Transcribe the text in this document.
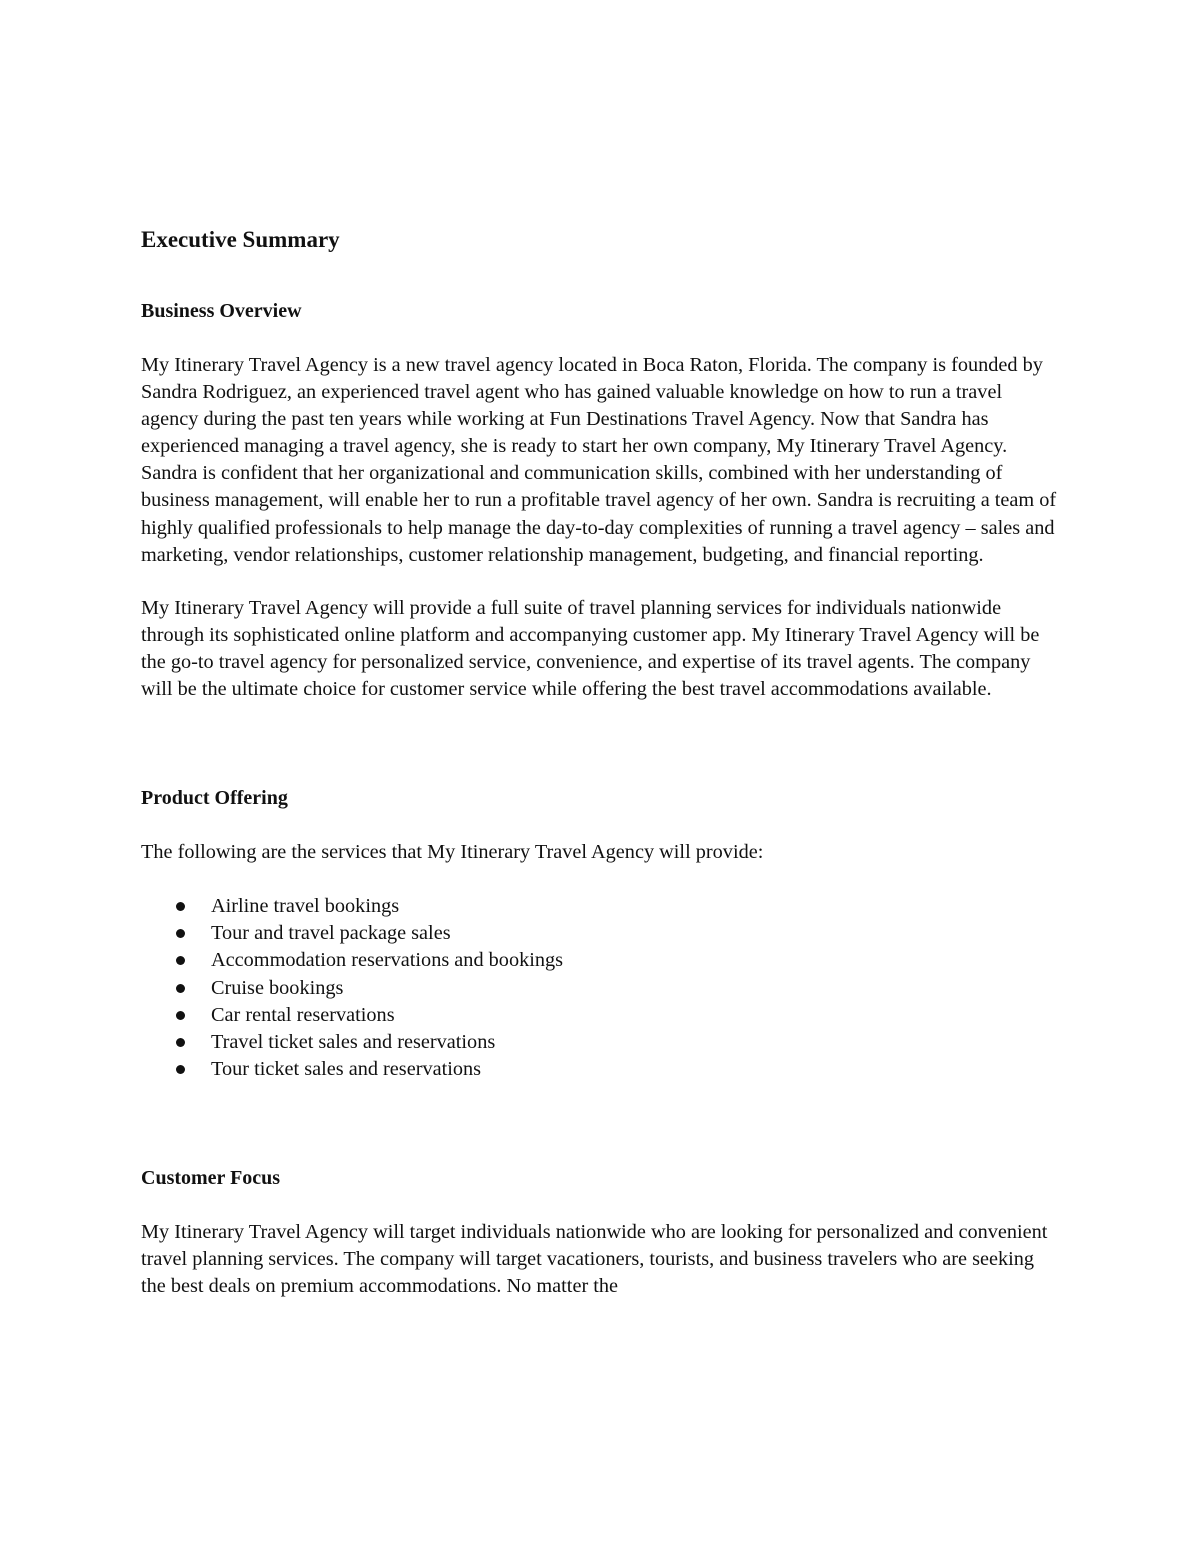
Executive Summary
Business Overview

My Itinerary Travel Agency is a new travel agency located in Boca Raton, Florida. The company is founded by Sandra Rodriguez, an experienced travel agent who has gained valuable knowledge on how to run a travel agency during the past ten years while working at Fun Destinations Travel Agency. Now that Sandra has experienced managing a travel agency, she is ready to start her own company, My Itinerary Travel Agency. Sandra is confident that her organizational and communication skills, combined with her understanding of business management, will enable her to run a profitable travel agency of her own. Sandra is recruiting a team of highly qualified professionals to help manage the day-to-day complexities of running a travel agency – sales and marketing, vendor relationships, customer relationship management, budgeting, and financial reporting.

My Itinerary Travel Agency will provide a full suite of travel planning services for individuals nationwide through its sophisticated online platform and accompanying customer app. My Itinerary Travel Agency will be the go-to travel agency for personalized service, convenience, and expertise of its travel agents. The company will be the ultimate choice for customer service while offering the best travel accommodations available.

Product Offering

The following are the services that My Itinerary Travel Agency will provide:

Airline travel bookings
Tour and travel package sales
Accommodation reservations and bookings
Cruise bookings
Car rental reservations
Travel ticket sales and reservations
Tour ticket sales and reservations
Customer Focus

My Itinerary Travel Agency will target individuals nationwide who are looking for personalized and convenient travel planning services. The company will target vacationers, tourists, and business travelers who are seeking the best deals on premium accommodations. No matter the
